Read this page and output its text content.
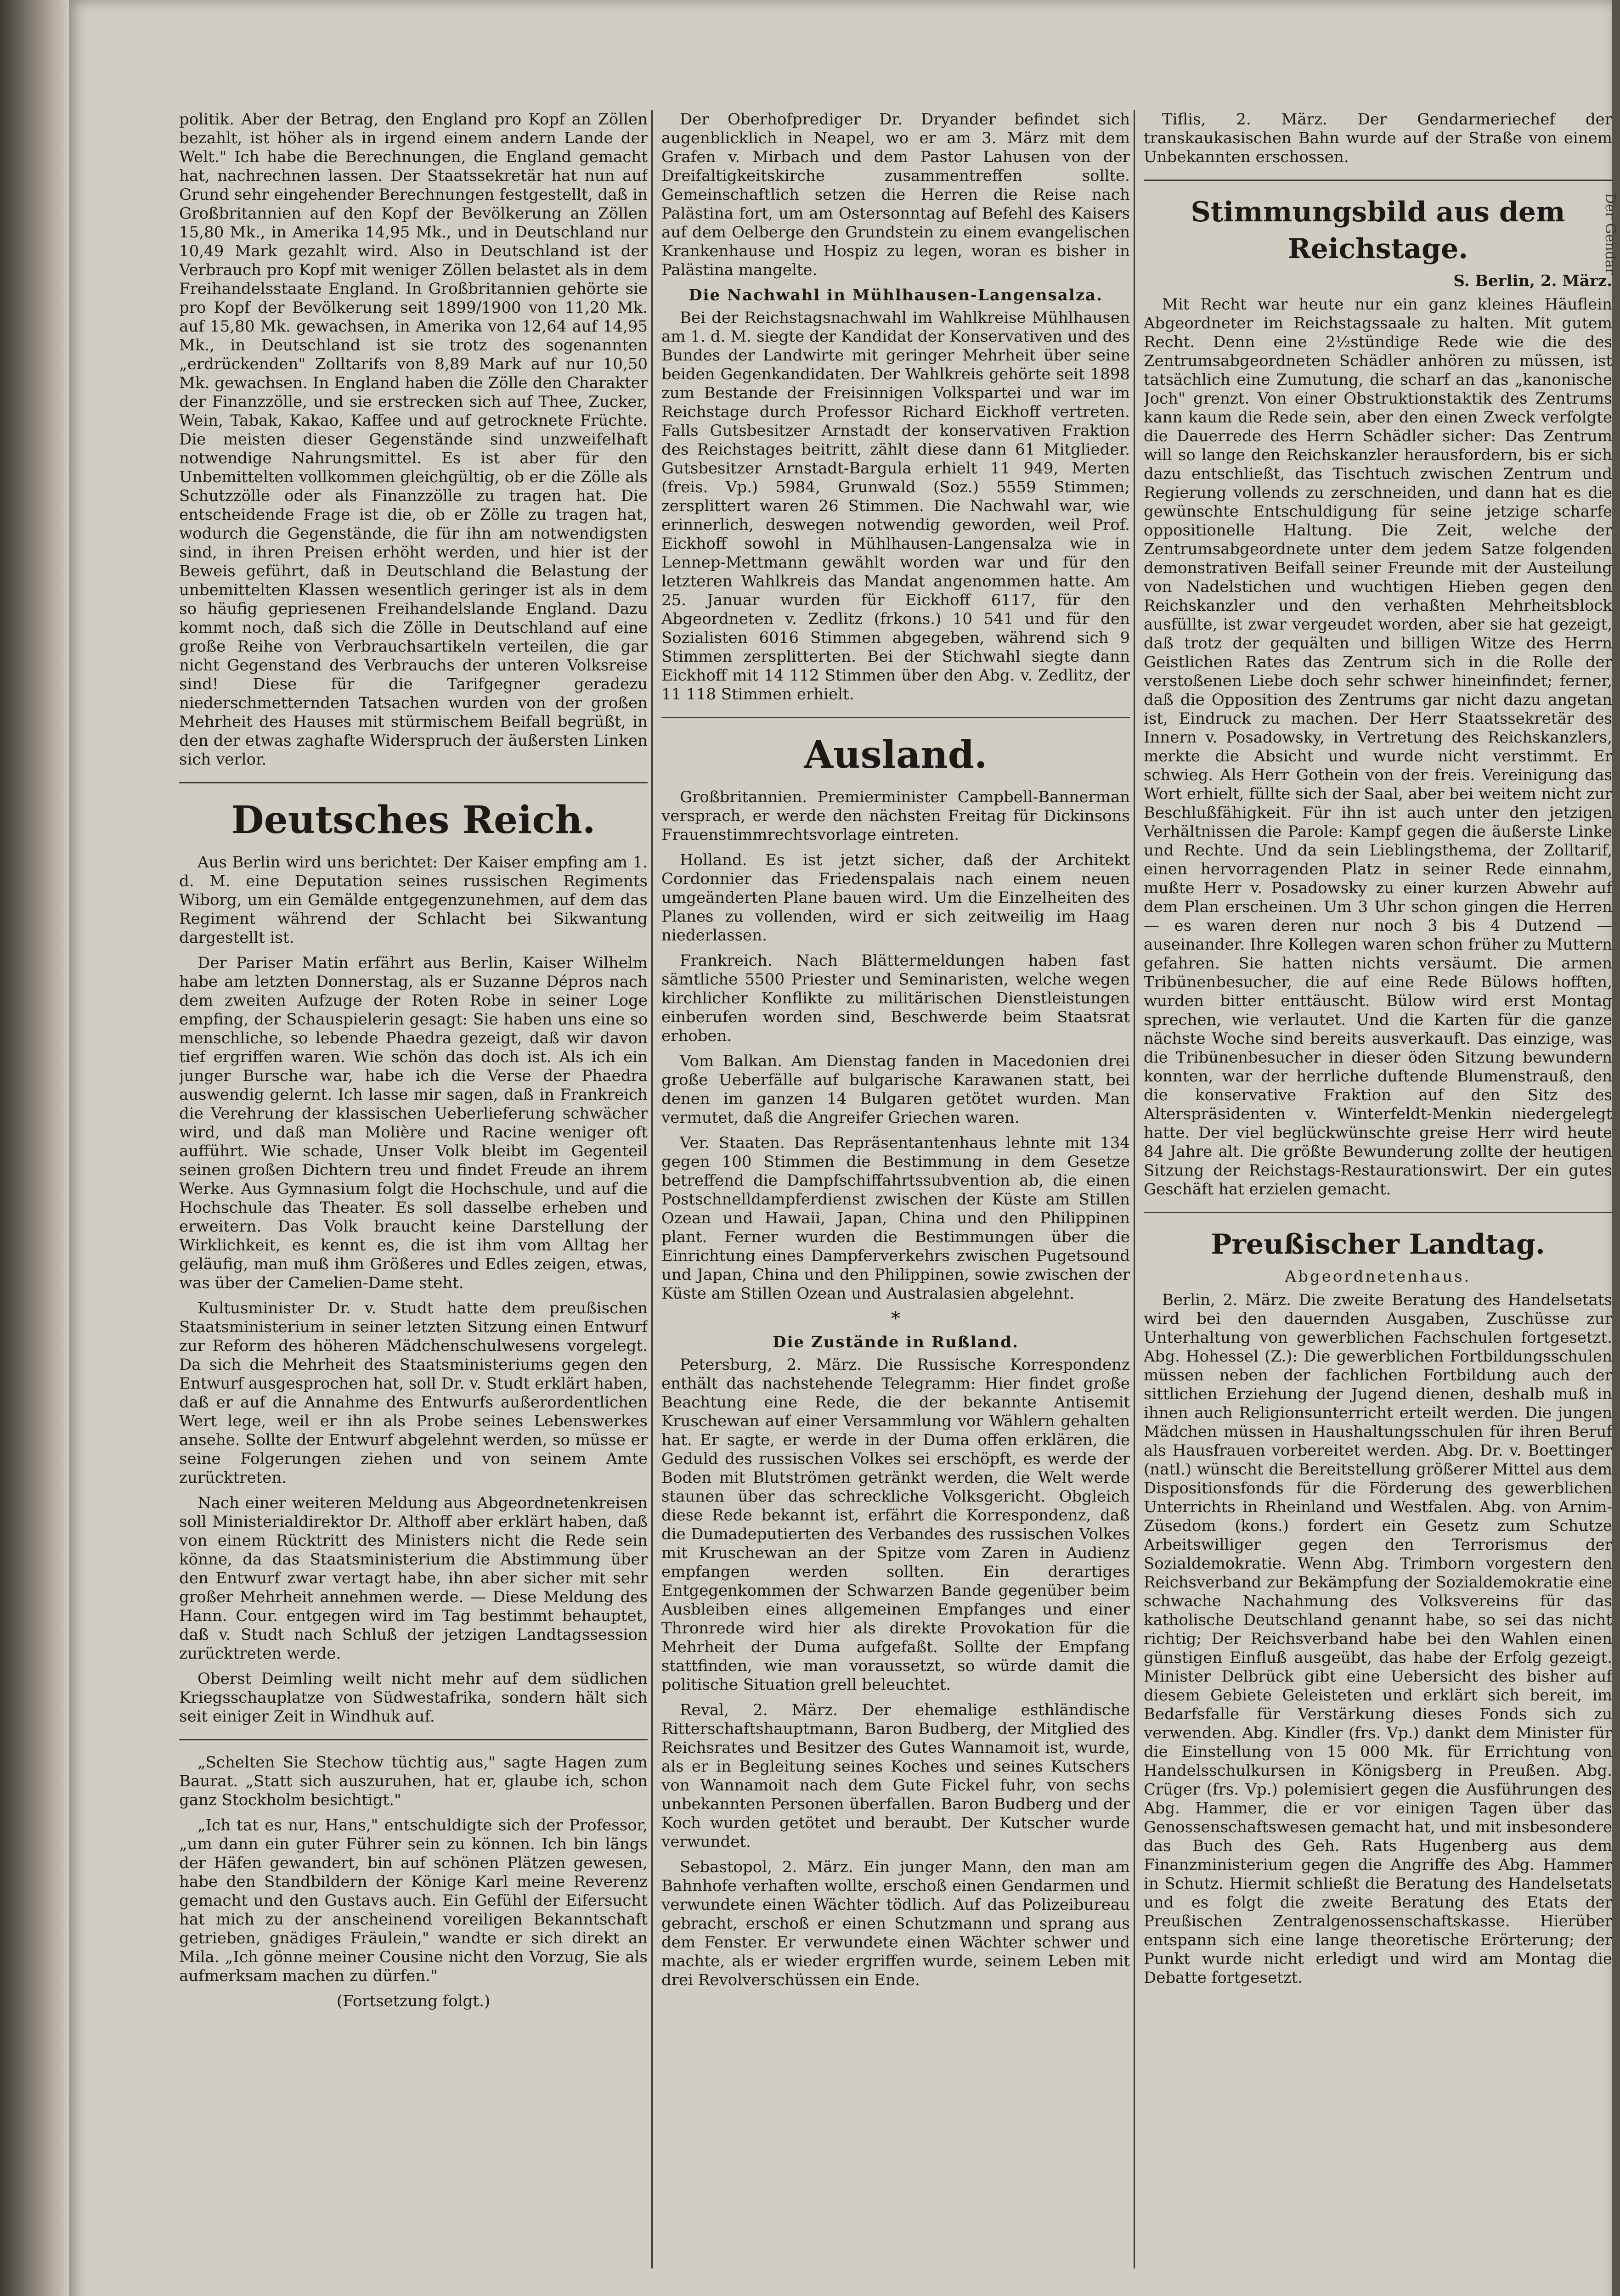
politik. Aber der Betrag, den England pro Kopf an Zöllen bezahlt, ist höher als in irgend einem andern Lande der Welt." Ich habe die Berechnungen, die England gemacht hat, nachrechnen lassen. Der Staatssekretär hat nun auf Grund sehr eingehender Berechnungen festgestellt, daß in Großbritannien auf den Kopf der Bevölkerung an Zöllen 15,80 Mk., in Amerika 14,95 Mk., und in Deutschland nur 10,49 Mark gezahlt wird. Also in Deutschland ist der Verbrauch pro Kopf mit weniger Zöllen belastet als in dem Freihandelsstaate England. In Großbritannien gehörte sie pro Kopf der Bevölkerung seit 1899/1900 von 11,20 Mk. auf 15,80 Mk. gewachsen, in Amerika von 12,64 auf 14,95 Mk., in Deutschland ist sie trotz des sogenannten „erdrückenden" Zolltarifs von 8,89 Mark auf nur 10,50 Mk. gewachsen. In England haben die Zölle den Charakter der Finanzzölle, und sie erstrecken sich auf Thee, Zucker, Wein, Tabak, Kakao, Kaffee und auf getrocknete Früchte. Die meisten dieser Gegenstände sind unzweifelhaft notwendige Nahrungsmittel. Es ist aber für den Unbemittelten vollkommen gleichgültig, ob er die Zölle als Schutzzölle oder als Finanzzölle zu tragen hat. Die entscheidende Frage ist die, ob er Zölle zu tragen hat, wodurch die Gegenstände, die für ihn am notwendigsten sind, in ihren Preisen erhöht werden, und hier ist der Beweis geführt, daß in Deutschland die Belastung der unbemittelten Klassen wesentlich geringer ist als in dem so häufig gepriesenen Freihandelslande England. Dazu kommt noch, daß sich die Zölle in Deutschland auf eine große Reihe von Verbrauchsartikeln verteilen, die gar nicht Gegenstand des Verbrauchs der unteren Volksreise sind! Diese für die Tarifgegner geradezu niederschmetternden Tatsachen wurden von der großen Mehrheit des Hauses mit stürmischem Beifall begrüßt, in den der etwas zaghafte Widerspruch der äußersten Linken sich verlor.

Deutsches Reich.

Aus Berlin wird uns berichtet: Der Kaiser empfing am 1. d. M. eine Deputation seines russischen Regiments Wiborg, um ein Gemälde entgegenzunehmen, auf dem das Regiment während der Schlacht bei Sikwantung dargestellt ist.

Der Pariser Matin erfährt aus Berlin, Kaiser Wilhelm habe am letzten Donnerstag, als er Suzanne Dépros nach dem zweiten Aufzuge der Roten Robe in seiner Loge empfing, der Schauspielerin gesagt: Sie haben uns eine so menschliche, so lebende Phaedra gezeigt, daß wir davon tief ergriffen waren. Wie schön das doch ist. Als ich ein junger Bursche war, habe ich die Verse der Phaedra auswendig gelernt. Ich lasse mir sagen, daß in Frankreich die Verehrung der klassischen Ueberlieferung schwächer wird, und daß man Molière und Racine weniger oft aufführt. Wie schade, Unser Volk bleibt im Gegenteil seinen großen Dichtern treu und findet Freude an ihrem Werke. Aus Gymnasium folgt die Hochschule, und auf die Hochschule das Theater. Es soll dasselbe erheben und erweitern. Das Volk braucht keine Darstellung der Wirklichkeit, es kennt es, die ist ihm vom Alltag her geläufig, man muß ihm Größeres und Edles zeigen, etwas, was über der Camelien-Dame steht.

Kultusminister Dr. v. Studt hatte dem preußischen Staatsministerium in seiner letzten Sitzung einen Entwurf zur Reform des höheren Mädchenschulwesens vorgelegt. Da sich die Mehrheit des Staatsministeriums gegen den Entwurf ausgesprochen hat, soll Dr. v. Studt erklärt haben, daß er auf die Annahme des Entwurfs außerordentlichen Wert lege, weil er ihn als Probe seines Lebenswerkes ansehe. Sollte der Entwurf abgelehnt werden, so müsse er seine Folgerungen ziehen und von seinem Amte zurücktreten.

Nach einer weiteren Meldung aus Abgeordnetenkreisen soll Ministerialdirektor Dr. Althoff aber erklärt haben, daß von einem Rücktritt des Ministers nicht die Rede sein könne, da das Staatsministerium die Abstimmung über den Entwurf zwar vertagt habe, ihn aber sicher mit sehr großer Mehrheit annehmen werde. — Diese Meldung des Hann. Cour. entgegen wird im Tag bestimmt behauptet, daß v. Studt nach Schluß der jetzigen Landtagssession zurücktreten werde.

Oberst Deimling weilt nicht mehr auf dem südlichen Kriegsschauplatze von Südwestafrika, sondern hält sich seit einiger Zeit in Windhuk auf.

„Schelten Sie Stechow tüchtig aus," sagte Hagen zum Baurat. „Statt sich auszuruhen, hat er, glaube ich, schon ganz Stockholm besichtigt."

„Ich tat es nur, Hans," entschuldigte sich der Professor, „um dann ein guter Führer sein zu können. Ich bin längs der Häfen gewandert, bin auf schönen Plätzen gewesen, habe den Standbildern der Könige Karl meine Reverenz gemacht und den Gustavs auch. Ein Gefühl der Eifersucht hat mich zu der anscheinend voreiligen Bekanntschaft getrieben, gnädiges Fräulein," wandte er sich direkt an Mila. „Ich gönne meiner Cousine nicht den Vorzug, Sie als aufmerksam machen zu dürfen."

(Fortsetzung folgt.)

Der Oberhofprediger Dr. Dryander befindet sich augenblicklich in Neapel, wo er am 3. März mit dem Grafen v. Mirbach und dem Pastor Lahusen von der Dreifaltigkeitskirche zusammentreffen sollte. Gemeinschaftlich setzen die Herren die Reise nach Palästina fort, um am Ostersonntag auf Befehl des Kaisers auf dem Oelberge den Grundstein zu einem evangelischen Krankenhause und Hospiz zu legen, woran es bisher in Palästina mangelte.

Die Nachwahl in Mühlhausen-Langensalza.

Bei der Reichstagsnachwahl im Wahlkreise Mühlhausen am 1. d. M. siegte der Kandidat der Konservativen und des Bundes der Landwirte mit geringer Mehrheit über seine beiden Gegenkandidaten. Der Wahlkreis gehörte seit 1898 zum Bestande der Freisinnigen Volkspartei und war im Reichstage durch Professor Richard Eickhoff vertreten. Falls Gutsbesitzer Arnstadt der konservativen Fraktion des Reichstages beitritt, zählt diese dann 61 Mitglieder. Gutsbesitzer Arnstadt-Bargula erhielt 11 949, Merten (freis. Vp.) 5984, Grunwald (Soz.) 5559 Stimmen; zersplittert waren 26 Stimmen. Die Nachwahl war, wie erinnerlich, deswegen notwendig geworden, weil Prof. Eickhoff sowohl in Mühlhausen-Langensalza wie in Lennep-Mettmann gewählt worden war und für den letzteren Wahlkreis das Mandat angenommen hatte. Am 25. Januar wurden für Eickhoff 6117, für den Abgeordneten v. Zedlitz (frkons.) 10 541 und für den Sozialisten 6016 Stimmen abgegeben, während sich 9 Stimmen zersplitterten. Bei der Stichwahl siegte dann Eickhoff mit 14 112 Stimmen über den Abg. v. Zedlitz, der 11 118 Stimmen erhielt.

Ausland.

Großbritannien. Premierminister Campbell-Bannerman versprach, er werde den nächsten Freitag für Dickinsons Frauenstimmrechtsvorlage eintreten.

Holland. Es ist jetzt sicher, daß der Architekt Cordonnier das Friedenspalais nach einem neuen umgeänderten Plane bauen wird. Um die Einzelheiten des Planes zu vollenden, wird er sich zeitweilig im Haag niederlassen.

Frankreich. Nach Blättermeldungen haben fast sämtliche 5500 Priester und Seminaristen, welche wegen kirchlicher Konflikte zu militärischen Dienstleistungen einberufen worden sind, Beschwerde beim Staatsrat erhoben.

Vom Balkan. Am Dienstag fanden in Macedonien drei große Ueberfälle auf bulgarische Karawanen statt, bei denen im ganzen 14 Bulgaren getötet wurden. Man vermutet, daß die Angreifer Griechen waren.

Ver. Staaten. Das Repräsentantenhaus lehnte mit 134 gegen 100 Stimmen die Bestimmung in dem Gesetze betreffend die Dampfschiffahrtssubvention ab, die einen Postschnelldampferdienst zwischen der Küste am Stillen Ozean und Hawaii, Japan, China und den Philippinen plant. Ferner wurden die Bestimmungen über die Einrichtung eines Dampferverkehrs zwischen Pugetsound und Japan, China und den Philippinen, sowie zwischen der Küste am Stillen Ozean und Australasien abgelehnt.

*
Die Zustände in Rußland.

Petersburg, 2. März. Die Russische Korrespondenz enthält das nachstehende Telegramm: Hier findet große Beachtung eine Rede, die der bekannte Antisemit Kruschewan auf einer Versammlung vor Wählern gehalten hat. Er sagte, er werde in der Duma offen erklären, die Geduld des russischen Volkes sei erschöpft, es werde der Boden mit Blutströmen getränkt werden, die Welt werde staunen über das schreckliche Volksgericht. Obgleich diese Rede bekannt ist, erfährt die Korrespondenz, daß die Dumadeputierten des Verbandes des russischen Volkes mit Kruschewan an der Spitze vom Zaren in Audienz empfangen werden sollten. Ein derartiges Entgegenkommen der Schwarzen Bande gegenüber beim Ausbleiben eines allgemeinen Empfanges und einer Thronrede wird hier als direkte Provokation für die Mehrheit der Duma aufgefaßt. Sollte der Empfang stattfinden, wie man voraussetzt, so würde damit die politische Situation grell beleuchtet.

Reval, 2. März. Der ehemalige esthländische Ritterschaftshauptmann, Baron Budberg, der Mitglied des Reichsrates und Besitzer des Gutes Wannamoit ist, wurde, als er in Begleitung seines Koches und seines Kutschers von Wannamoit nach dem Gute Fickel fuhr, von sechs unbekannten Personen überfallen. Baron Budberg und der Koch wurden getötet und beraubt. Der Kutscher wurde verwundet.

Sebastopol, 2. März. Ein junger Mann, den man am Bahnhofe verhaften wollte, erschoß einen Gendarmen und verwundete einen Wächter tödlich. Auf das Polizeibureau gebracht, erschoß er einen Schutzmann und sprang aus dem Fenster. Er verwundete einen Wächter schwer und machte, als er wieder ergriffen wurde, seinem Leben mit drei Revolverschüssen ein Ende.

Tiflis, 2. März. Der Gendarmeriechef der transkaukasischen Bahn wurde auf der Straße von einem Unbekannten erschossen.

Stimmungsbild aus dem Reichstage.
S. Berlin, 2. März.

Mit Recht war heute nur ein ganz kleines Häuflein Abgeordneter im Reichstagssaale zu halten. Mit gutem Recht. Denn eine 2½stündige Rede wie die des Zentrumsabgeordneten Schädler anhören zu müssen, ist tatsächlich eine Zumutung, die scharf an das „kanonische Joch" grenzt. Von einer Obstruktionstaktik des Zentrums kann kaum die Rede sein, aber den einen Zweck verfolgte die Dauerrede des Herrn Schädler sicher: Das Zentrum will so lange den Reichskanzler herausfordern, bis er sich dazu entschließt, das Tischtuch zwischen Zentrum und Regierung vollends zu zerschneiden, und dann hat es die gewünschte Entschuldigung für seine jetzige scharfe oppositionelle Haltung. Die Zeit, welche der Zentrumsabgeordnete unter dem jedem Satze folgenden demonstrativen Beifall seiner Freunde mit der Austeilung von Nadelstichen und wuchtigen Hieben gegen den Reichskanzler und den verhaßten Mehrheitsblock ausfüllte, ist zwar vergeudet worden, aber sie hat gezeigt, daß trotz der gequälten und billigen Witze des Herrn Geistlichen Rates das Zentrum sich in die Rolle der verstoßenen Liebe doch sehr schwer hineinfindet; ferner, daß die Opposition des Zentrums gar nicht dazu angetan ist, Eindruck zu machen. Der Herr Staatssekretär des Innern v. Posadowsky, in Vertretung des Reichskanzlers, merkte die Absicht und wurde nicht verstimmt. Er schwieg. Als Herr Gothein von der freis. Vereinigung das Wort erhielt, füllte sich der Saal, aber bei weitem nicht zur Beschlußfähigkeit. Für ihn ist auch unter den jetzigen Verhältnissen die Parole: Kampf gegen die äußerste Linke und Rechte. Und da sein Lieblingsthema, der Zolltarif, einen hervorragenden Platz in seiner Rede einnahm, mußte Herr v. Posadowsky zu einer kurzen Abwehr auf dem Plan erscheinen. Um 3 Uhr schon gingen die Herren — es waren deren nur noch 3 bis 4 Dutzend — auseinander. Ihre Kollegen waren schon früher zu Muttern gefahren. Sie hatten nichts versäumt. Die armen Tribünenbesucher, die auf eine Rede Bülows hofften, wurden bitter enttäuscht. Bülow wird erst Montag sprechen, wie verlautet. Und die Karten für die ganze nächste Woche sind bereits ausverkauft. Das einzige, was die Tribünenbesucher in dieser öden Sitzung bewundern konnten, war der herrliche duftende Blumenstrauß, den die konservative Fraktion auf den Sitz des Alterspräsidenten v. Winterfeldt-Menkin niedergelegt hatte. Der viel beglückwünschte greise Herr wird heute 84 Jahre alt. Die größte Bewunderung zollte der heutigen Sitzung der Reichstags-Restaurationswirt. Der ein gutes Geschäft hat erzielen gemacht.

Preußischer Landtag.
Abgeordnetenhaus.

Berlin, 2. März. Die zweite Beratung des Handelsetats wird bei den dauernden Ausgaben, Zuschüsse zur Unterhaltung von gewerblichen Fachschulen fortgesetzt. Abg. Hohessel (Z.): Die gewerblichen Fortbildungsschulen müssen neben der fachlichen Fortbildung auch der sittlichen Erziehung der Jugend dienen, deshalb muß in ihnen auch Religionsunterricht erteilt werden. Die jungen Mädchen müssen in Haushaltungsschulen für ihren Beruf als Hausfrauen vorbereitet werden. Abg. Dr. v. Boettinger (natl.) wünscht die Bereitstellung größerer Mittel aus dem Dispositionsfonds für die Förderung des gewerblichen Unterrichts in Rheinland und Westfalen. Abg. von Arnim-Züsedom (kons.) fordert ein Gesetz zum Schutze Arbeitswilliger gegen den Terrorismus der Sozialdemokratie. Wenn Abg. Trimborn vorgestern den Reichsverband zur Bekämpfung der Sozialdemokratie eine schwache Nachahmung des Volksvereins für das katholische Deutschland genannt habe, so sei das nicht richtig; Der Reichsverband habe bei den Wahlen einen günstigen Einfluß ausgeübt, das habe der Erfolg gezeigt. Minister Delbrück gibt eine Uebersicht des bisher auf diesem Gebiete Geleisteten und erklärt sich bereit, im Bedarfsfalle für Verstärkung dieses Fonds sich zu verwenden. Abg. Kindler (frs. Vp.) dankt dem Minister für die Einstellung von 15 000 Mk. für Errichtung von Handelsschulkursen in Königsberg in Preußen. Abg. Crüger (frs. Vp.) polemisiert gegen die Ausführungen des Abg. Hammer, die er vor einigen Tagen über das Genossenschaftswesen gemacht hat, und mit insbesondere das Buch des Geh. Rats Hugenberg aus dem Finanzministerium gegen die Angriffe des Abg. Hammer in Schutz. Hiermit schließt die Beratung des Handelsetats und es folgt die zweite Beratung des Etats der Preußischen Zentralgenossenschaftskasse. Hierüber entspann sich eine lange theoretische Erörterung; der Punkt wurde nicht erledigt und wird am Montag die Debatte fortgesetzt.

Der Gendar
